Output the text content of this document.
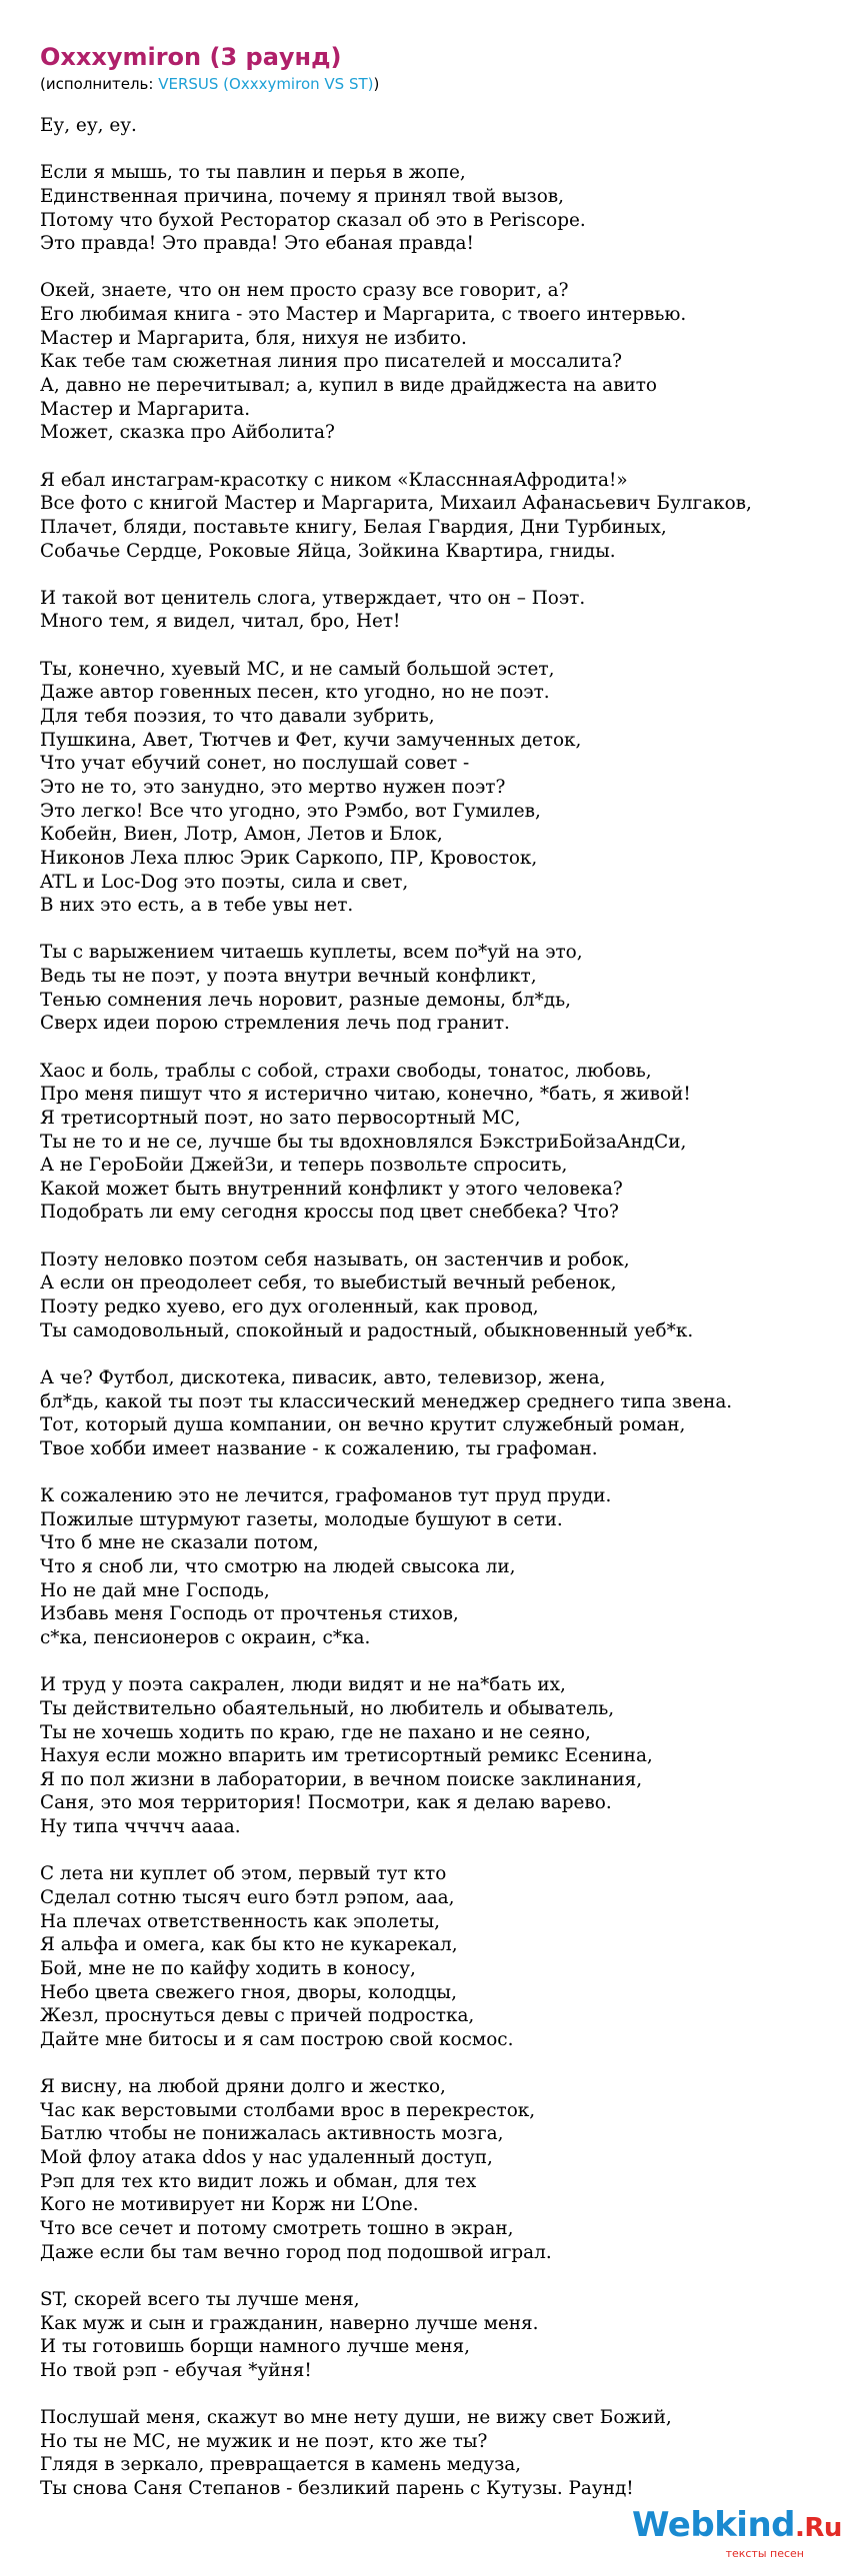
Oxxxymiron (3 раунд)
(исполнитель: VERSUS (Oxxxymiron VS ST))
Еу, еу, еу.
Если я мышь, то ты павлин и перья в жопе,
Единственная причина, почему я принял твой вызов,
Потому что бухой Ресторатор сказал об это в Periscope.
Это правда! Это правда! Это ебаная правда!
Окей, знаете, что он нем просто сразу все говорит, а?
Его любимая книга - это Мастер и Маргарита, с твоего интервью.
Мастер и Маргарита, бля, нихуя не избито.
Как тебе там сюжетная линия про писателей и моссалита?
А, давно не перечитывал; а, купил в виде драйджеста на авито
Мастер и Маргарита.
Может, сказка про Айболита?
Я ебал инстаграм-красотку с ником «КлассннаяАфродита!»
Все фото с книгой Мастер и Маргарита, Михаил Афанасьевич Булгаков,
Плачет, бляди, поставьте книгу, Белая Гвардия, Дни Турбиных,
Собачье Сердце, Роковые Яйца, Зойкина Квартира, гниды.
И такой вот ценитель слога, утверждает, что он – Поэт.
Много тем, я видел, читал, бро, Нет!
Ты, конечно, хуевый МС, и не самый большой эстет,
Даже автор говенных песен, кто угодно, но не поэт.
Для тебя поэзия, то что давали зубрить,
Пушкина, Авет, Тютчев и Фет, кучи замученных деток,
Что учат ебучий сонет, но послушай совет -
Это не то, это занудно, это мертво нужен поэт?
Это легко! Все что угодно, это Рэмбо, вот Гумилев,
Кобейн, Виен, Лотр, Амон, Летов и Блок,
Никонов Леха плюс Эрик Саркопо, ПР, Кровосток,
ATL и Loc-Dog это поэты, сила и свет,
В них это есть, а в тебе увы нет.
Ты с варыжением читаешь куплеты, всем по*уй на это,
Ведь ты не поэт, у поэта внутри вечный конфликт,
Тенью сомнения лечь норовит, разные демоны, бл*дь,
Сверх идеи порою стремления лечь под гранит.
Хаос и боль, траблы с собой, страхи свободы, тонатос, любовь,
Про меня пишут что я истерично читаю, конечно, *бать, я живой!
Я третисортный поэт, но зато первосортный МС,
Ты не то и не се, лучше бы ты вдохновлялся БэкстриБойзаАндСи,
А не ГероБойи ДжейЗи, и теперь позвольте спросить,
Какой может быть внутренний конфликт у этого человека?
Подобрать ли ему сегодня кроссы под цвет снеббека? Что?
Поэту неловко поэтом себя называть, он застенчив и робок,
А если он преодолеет себя, то выебистый вечный ребенок,
Поэту редко хуево, его дух оголенный, как провод,
Ты самодовольный, спокойный и радостный, обыкновенный уеб*к.
А че? Футбол, дискотека, пивасик, авто, телевизор, жена,
бл*дь, какой ты поэт ты классический менеджер среднего типа звена.
Тот, который душа компании, он вечно крутит служебный роман,
Твое хобби имеет название - к сожалению, ты графоман.
К сожалению это не лечится, графоманов тут пруд пруди.
Пожилые штурмуют газеты, молодые бушуют в сети.
Что б мне не сказали потом,
Что я сноб ли, что смотрю на людей свысока ли,
Но не дай мне Господь,
Избавь меня Господь от прочтенья стихов,
с*ка, пенсионеров с окраин, с*ка.
И труд у поэта сакрален, люди видят и не на*бать их,
Ты действительно обаятельный, но любитель и обыватель,
Ты не хочешь ходить по краю, где не пахано и не сеяно,
Нахуя если можно впарить им третисортный ремикс Есенина,
Я по пол жизни в лаборатории, в вечном поиске заклинания,
Саня, это моя территория! Посмотри, как я делаю варево.
Ну типа ччччч аааа.
С лета ни куплет об этом, первый тут кто
Сделал сотню тысяч euro бэтл рэпом, ааа,
На плечах ответственность как эполеты,
Я альфа и омега, как бы кто не кукарекал,
Бой, мне не по кайфу ходить в коносу,
Небо цвета свежего гноя, дворы, колодцы,
Жезл, проснуться девы с причей подростка,
Дайте мне битосы и я сам построю свой космос.
Я висну, на любой дряни долго и жестко,
Час как верстовыми столбами врос в перекресток,
Батлю чтобы не понижалась активность мозга,
Мой флоу атака ddos у нас удаленный доступ,
Рэп для тех кто видит ложь и обман, для тех
Кого не мотивирует ни Корж ни L’One.
Что все сечет и потому смотреть тошно в экран,
Даже если бы там вечно город под подошвой играл.
ST, скорей всего ты лучше меня,
Как муж и сын и гражданин, наверно лучше меня.
И ты готовишь борщи намного лучше меня,
Но твой рэп - ебучая *уйня!
Послушай меня, скажут во мне нету души, не вижу свет Божий,
Но ты не МС, не мужик и не поэт, кто же ты?
Глядя в зеркало, превращается в камень медуза,
Ты снова Саня Степанов - безликий парень с Кутузы. Раунд!
Webkind.Ru
тексты песен
